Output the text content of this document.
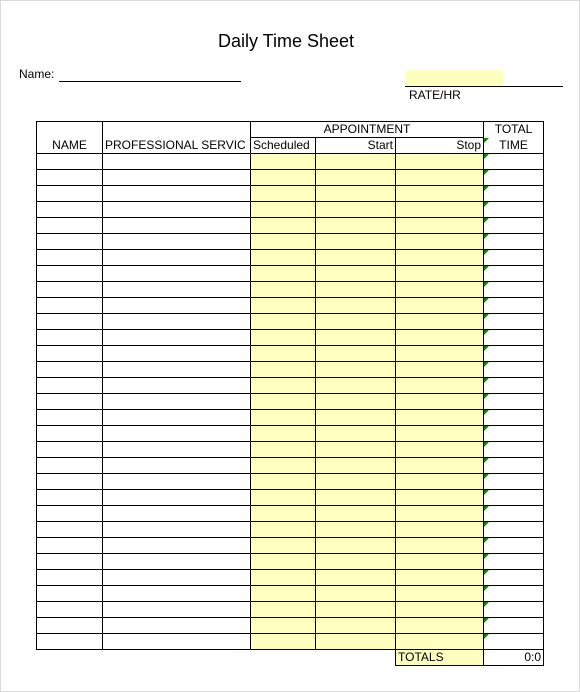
Daily Time Sheet
Name:
RATE/HR
		APPOINTMENT			TOTAL
NAME	PROFESSIONAL SERVIC	Scheduled	Start	Stop	TIME

				TOTALS	0:0
